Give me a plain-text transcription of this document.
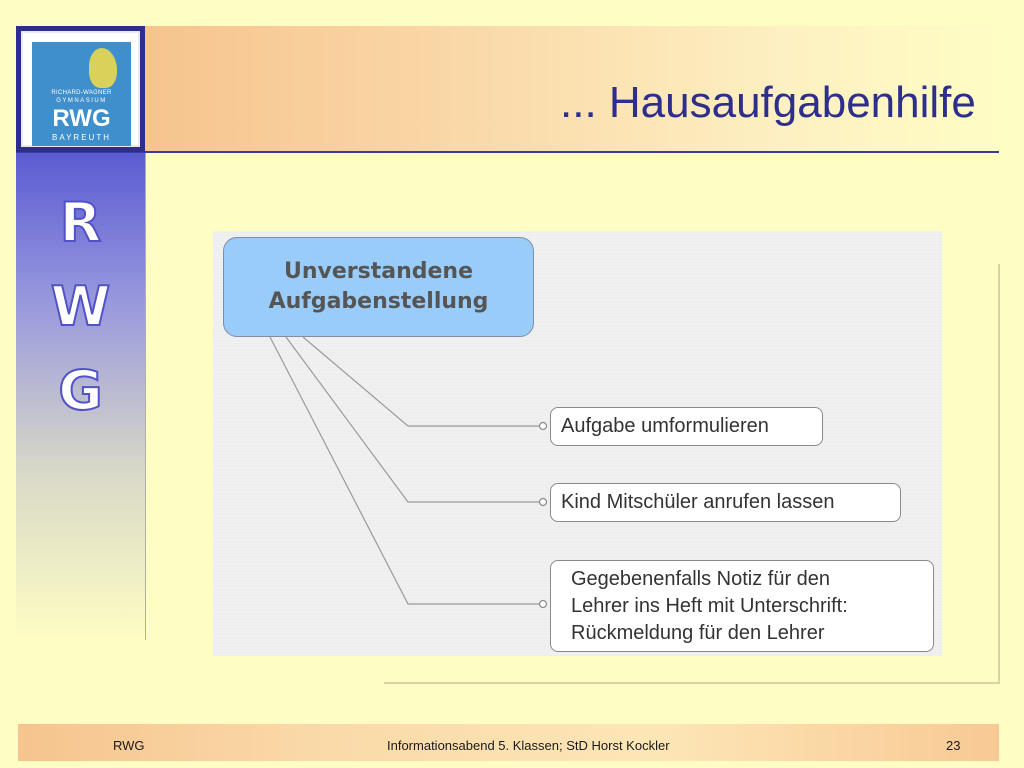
RICHARD-WAGNER
GYMNASIUM
RWG
BAYREUTH
R
W
G
... Hausaufgabenhilfe
Unverstandene
Aufgabenstellung
Aufgabe umformulieren
Kind Mitschüler anrufen lassen
Gegebenenfalls Notiz für den
Lehrer ins Heft mit Unterschrift:
Rückmeldung für den Lehrer
RWG	Informationsabend 5. Klassen; StD Horst Kockler	23
